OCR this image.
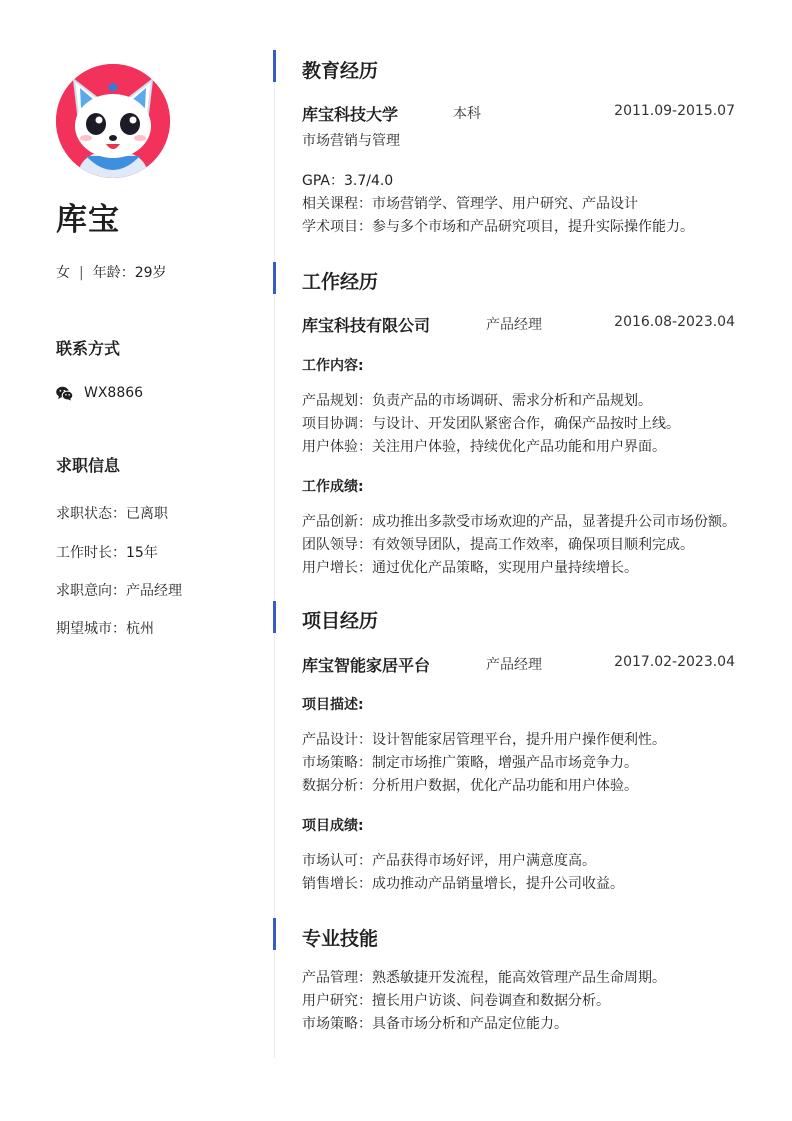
库宝
女 | 年龄：29岁
联系方式
WX8866
求职信息
求职状态：已离职
工作时长：15年
求职意向：产品经理
期望城市：杭州
教育经历
库宝科技大学	本科	2011.09-2015.07
市场营销与管理
GPA：3.7/4.0
相关课程：市场营销学、管理学、用户研究、产品设计
学术项目：参与多个市场和产品研究项目，提升实际操作能力。
工作经历
库宝科技有限公司	产品经理	2016.08-2023.04
工作内容:
产品规划：负责产品的市场调研、需求分析和产品规划。
项目协调：与设计、开发团队紧密合作，确保产品按时上线。
用户体验：关注用户体验，持续优化产品功能和用户界面。
工作成绩:
产品创新：成功推出多款受市场欢迎的产品，显著提升公司市场份额。
团队领导：有效领导团队，提高工作效率，确保项目顺利完成。
用户增长：通过优化产品策略，实现用户量持续增长。
项目经历
库宝智能家居平台	产品经理	2017.02-2023.04
项目描述:
产品设计：设计智能家居管理平台，提升用户操作便利性。
市场策略：制定市场推广策略，增强产品市场竞争力。
数据分析：分析用户数据，优化产品功能和用户体验。
项目成绩:
市场认可：产品获得市场好评，用户满意度高。
销售增长：成功推动产品销量增长，提升公司收益。
专业技能
产品管理：熟悉敏捷开发流程，能高效管理产品生命周期。
用户研究：擅长用户访谈、问卷调查和数据分析。
市场策略：具备市场分析和产品定位能力。
